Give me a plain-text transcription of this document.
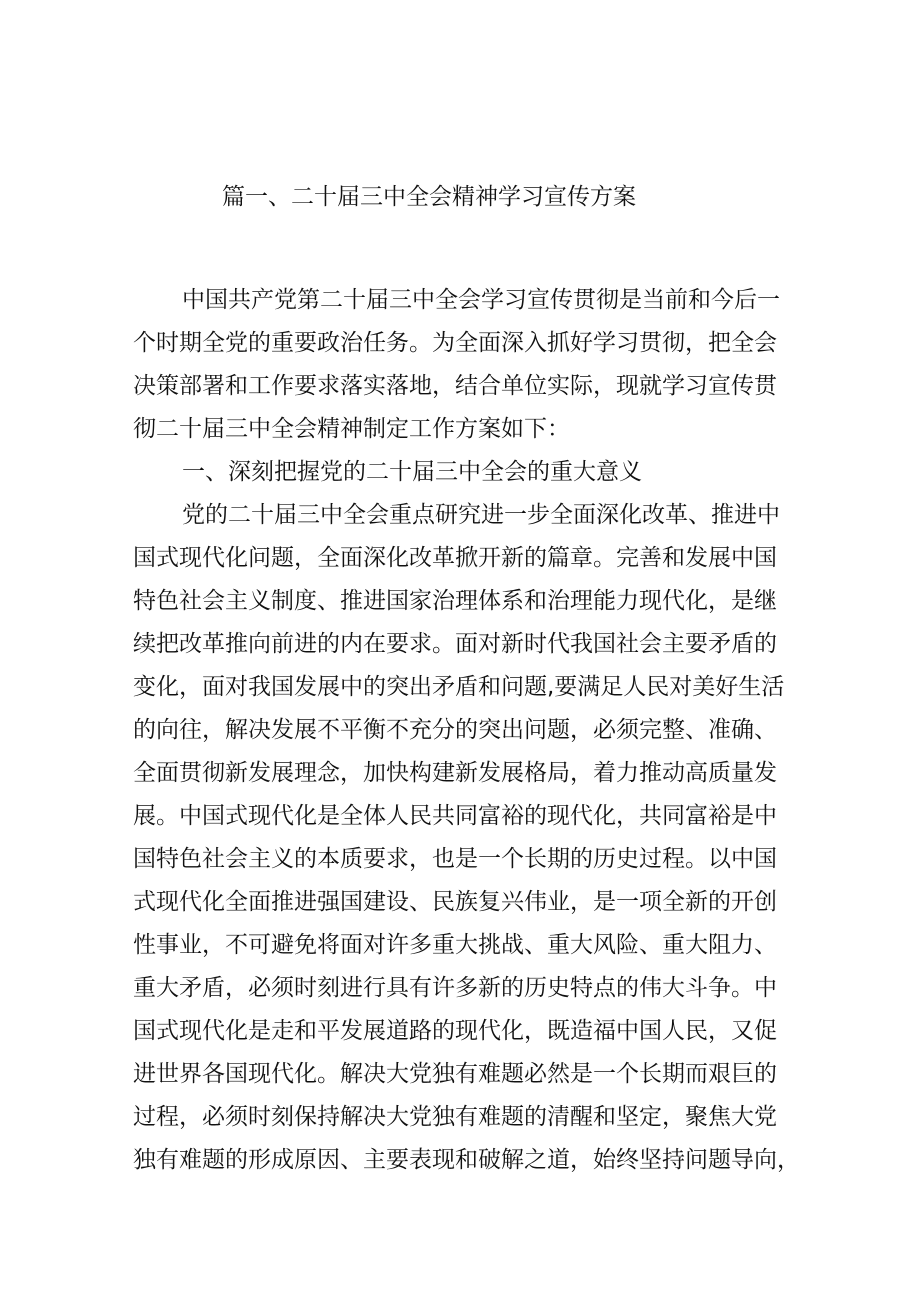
篇一、二十届三中全会精神学习宣传方案
中国共产党第二十届三中全会学习宣传贯彻是当前和今后一
个时期全党的重要政治任务。为全面深入抓好学习贯彻，把全会
决策部署和工作要求落实落地，结合单位实际，现就学习宣传贯
彻二十届三中全会精神制定工作方案如下：
一、深刻把握党的二十届三中全会的重大意义
党的二十届三中全会重点研究进一步全面深化改革、推进中
国式现代化问题，全面深化改革掀开新的篇章。完善和发展中国
特色社会主义制度、推进国家治理体系和治理能力现代化，是继
续把改革推向前进的内在要求。面对新时代我国社会主要矛盾的
变化，面对我国发展中的突出矛盾和问题,要满足人民对美好生活
的向往，解决发展不平衡不充分的突出问题，必须完整、准确、
全面贯彻新发展理念，加快构建新发展格局，着力推动高质量发
展。中国式现代化是全体人民共同富裕的现代化，共同富裕是中
国特色社会主义的本质要求，也是一个长期的历史过程。以中国
式现代化全面推进强国建设、民族复兴伟业，是一项全新的开创
性事业，不可避免将面对许多重大挑战、重大风险、重大阻力、
重大矛盾，必须时刻进行具有许多新的历史特点的伟大斗争。中
国式现代化是走和平发展道路的现代化，既造福中国人民，又促
进世界各国现代化。解决大党独有难题必然是一个长期而艰巨的
过程，必须时刻保持解决大党独有难题的清醒和坚定，聚焦大党
独有难题的形成原因、主要表现和破解之道，始终坚持问题导向，
